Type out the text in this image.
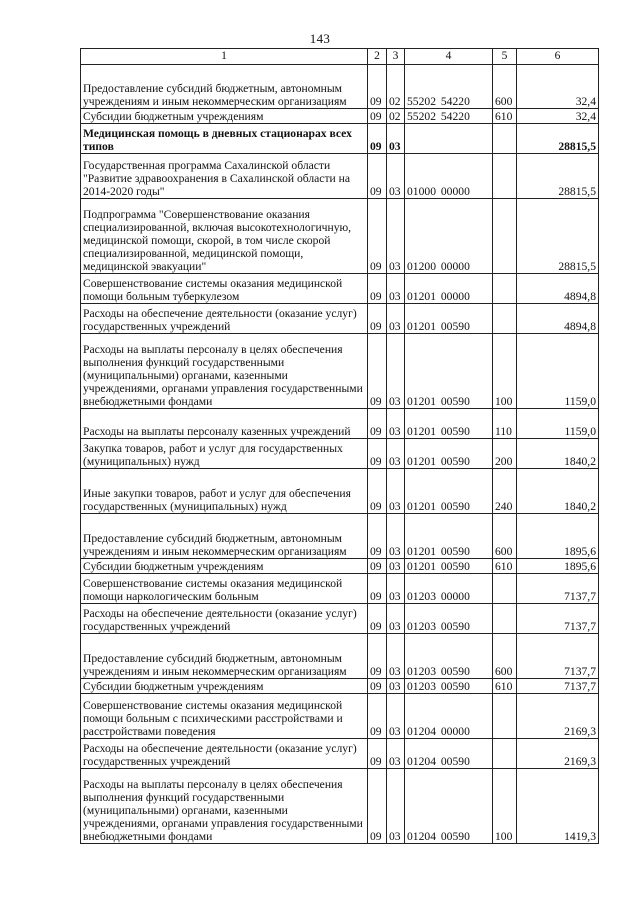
143
1	2	3	4	5	6
Предоставление субсидий бюджетным, автономным учреждениям и иным некоммерческим организациям	09	02	55202 54220	600	32,4
Субсидии бюджетным учреждениям	09	02	55202 54220	610	32,4
Медицинская помощь в дневных стационарах всех типов	09	03			28815,5
Государственная программа Сахалинской области "Развитие здравоохранения в Сахалинской области на 2014-2020 годы"	09	03	01000 00000		28815,5
Подпрограмма "Совершенствование оказания специализированной, включая высокотехнологичную, медицинской помощи, скорой, в том числе скорой специализированной, медицинской помощи, медицинской эвакуации"	09	03	01200 00000		28815,5
Совершенствование системы оказания медицинской помощи больным туберкулезом	09	03	01201 00000		4894,8
Расходы на обеспечение деятельности (оказание услуг) государственных учреждений	09	03	01201 00590		4894,8
Расходы на выплаты персоналу в целях обеспечения выполнения функций государственными (муниципальными) органами, казенными учреждениями, органами управления государственными внебюджетными фондами	09	03	01201 00590	100	1159,0
Расходы на выплаты персоналу казенных учреждений	09	03	01201 00590	110	1159,0
Закупка товаров, работ и услуг для государственных (муниципальных) нужд	09	03	01201 00590	200	1840,2
Иные закупки товаров, работ и услуг для обеспечения государственных (муниципальных) нужд	09	03	01201 00590	240	1840,2
Предоставление субсидий бюджетным, автономным учреждениям и иным некоммерческим организациям	09	03	01201 00590	600	1895,6
Субсидии бюджетным учреждениям	09	03	01201 00590	610	1895,6
Совершенствование системы оказания медицинской помощи наркологическим больным	09	03	01203 00000		7137,7
Расходы на обеспечение деятельности (оказание услуг) государственных учреждений	09	03	01203 00590		7137,7
Предоставление субсидий бюджетным, автономным учреждениям и иным некоммерческим организациям	09	03	01203 00590	600	7137,7
Субсидии бюджетным учреждениям	09	03	01203 00590	610	7137,7
Совершенствование системы оказания медицинской помощи больным с психическими расстройствами и расстройствами поведения	09	03	01204 00000		2169,3
Расходы на обеспечение деятельности (оказание услуг) государственных учреждений	09	03	01204 00590		2169,3
Расходы на выплаты персоналу в целях обеспечения выполнения функций государственными (муниципальными) органами, казенными учреждениями, органами управления государственными внебюджетными фондами	09	03	01204 00590	100	1419,3
